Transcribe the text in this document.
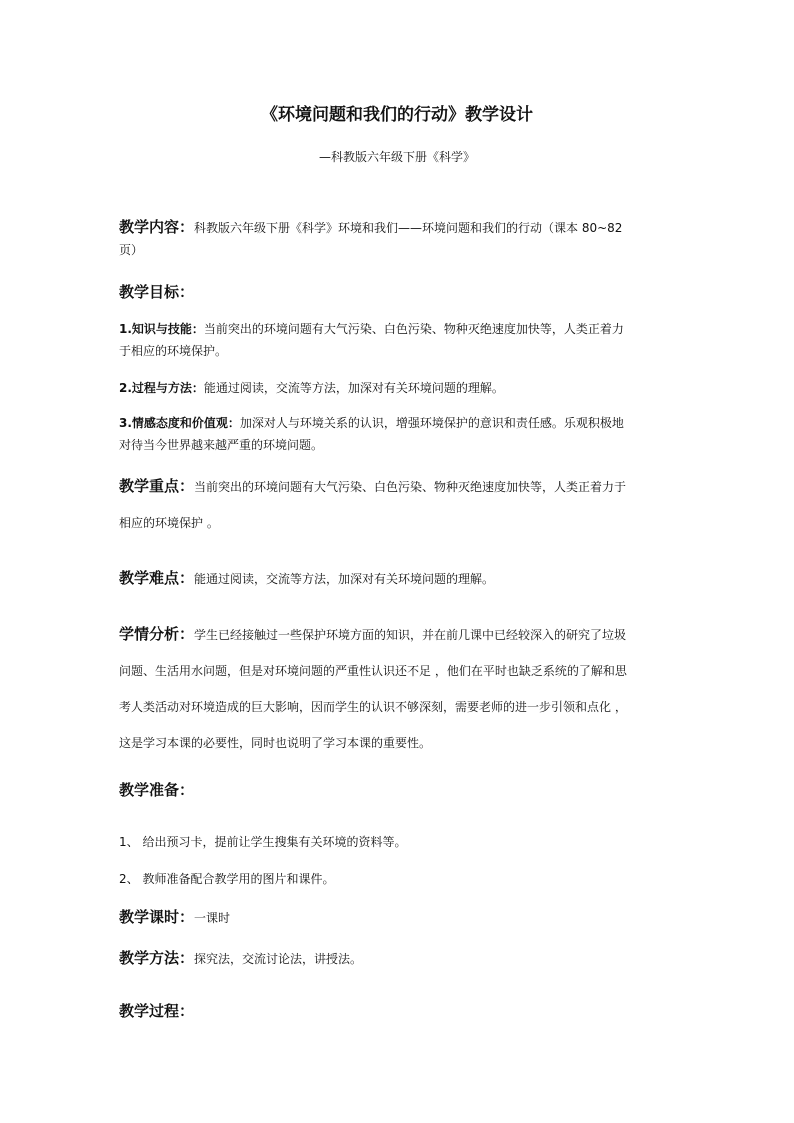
《环境问题和我们的行动》教学设计
—科教版六年级下册《科学》
教学内容：科教版六年级下册《科学》环境和我们——环境问题和我们的行动（课本 80~82
页）
教学目标：
1.知识与技能：当前突出的环境问题有大气污染、白色污染、物种灭绝速度加快等，人类正着力
于相应的环境保护。
2.过程与方法：能通过阅读，交流等方法，加深对有关环境问题的理解。
3.情感态度和价值观：加深对人与环境关系的认识，增强环境保护的意识和责任感。乐观积极地
对待当今世界越来越严重的环境问题。
教学重点：当前突出的环境问题有大气污染、白色污染、物种灭绝速度加快等，人类正着力于
相应的环境保护 。
教学难点：能通过阅读，交流等方法，加深对有关环境问题的理解。
学情分析：学生已经接触过一些保护环境方面的知识，并在前几课中已经较深入的研究了垃圾
问题、生活用水问题，但是对环境问题的严重性认识还不足 ，他们在平时也缺乏系统的了解和思
考人类活动对环境造成的巨大影响，因而学生的认识不够深刻，需要老师的进一步引领和点化 ，
这是学习本课的必要性，同时也说明了学习本课的重要性。
教学准备：
1、 给出预习卡，提前让学生搜集有关环境的资料等。
2、 教师准备配合教学用的图片和课件。
教学课时：一课时
教学方法：探究法，交流讨论法，讲授法。
教学过程：
